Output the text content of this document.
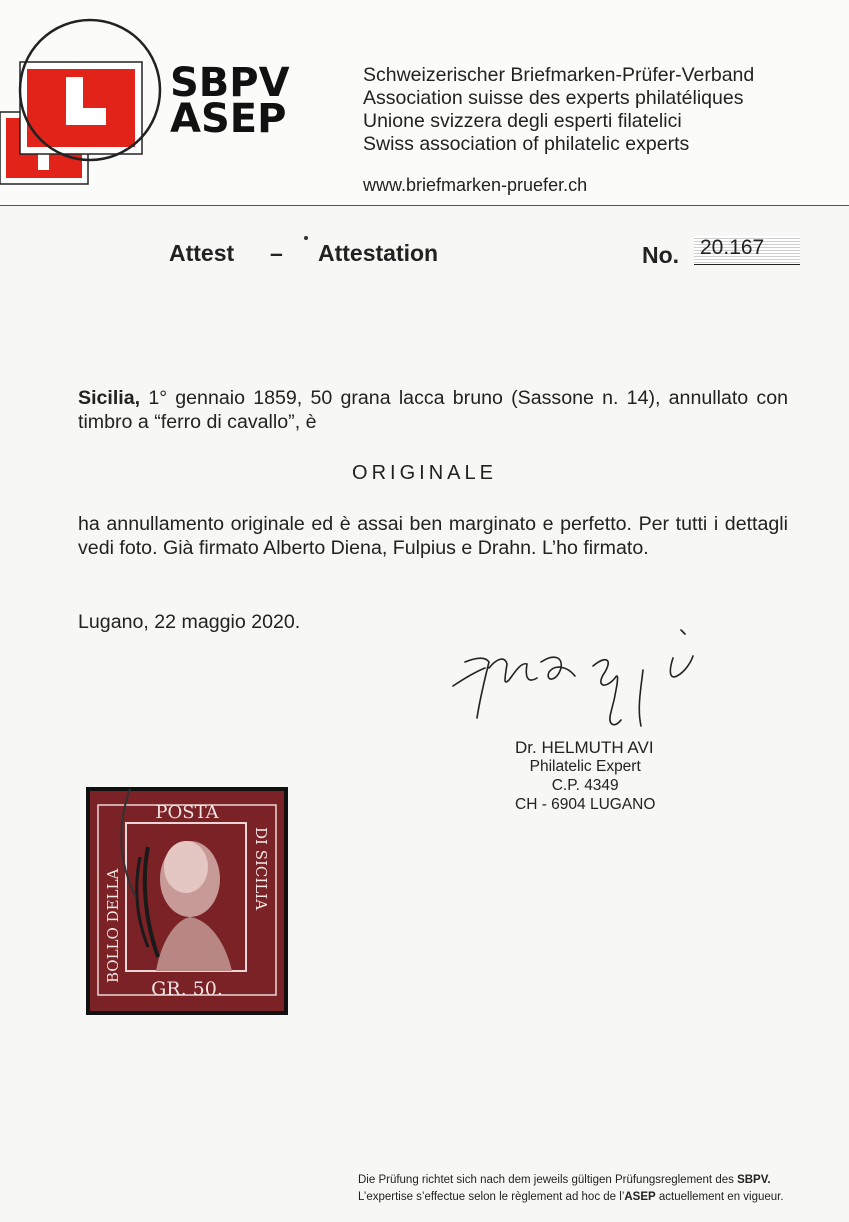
SBPV
ASEP
Schweizerischer Briefmarken-Prüfer-Verband
Association suisse des experts philatéliques
Unione svizzera degli esperti filatelici
Swiss association of philatelic experts
www.briefmarken-pruefer.ch
Attest – Attestation	No. 20.167
Sicilia, 1° gennaio 1859, 50 grana lacca bruno (Sassone n. 14), annullato con timbro a “ferro di cavallo”, è
ORIGINALE
ha annullamento originale ed è assai ben marginato e perfetto. Per tutti i dettagli vedi foto. Già firmato Alberto Diena, Fulpius e Drahn. L’ho firmato.
Lugano, 22 maggio 2020.
Dr. HELMUTH AVI
Philatelic Expert
C.P. 4349
CH - 6904 LUGANO
POSTA
BOLLO DELLA
DI SICILIA
GR. 50.
Die Prüfung richtet sich nach dem jeweils gültigen Prüfungsreglement des SBPV.
L’expertise s’effectue selon le règlement ad hoc de l’ASEP actuellement en vigueur.
